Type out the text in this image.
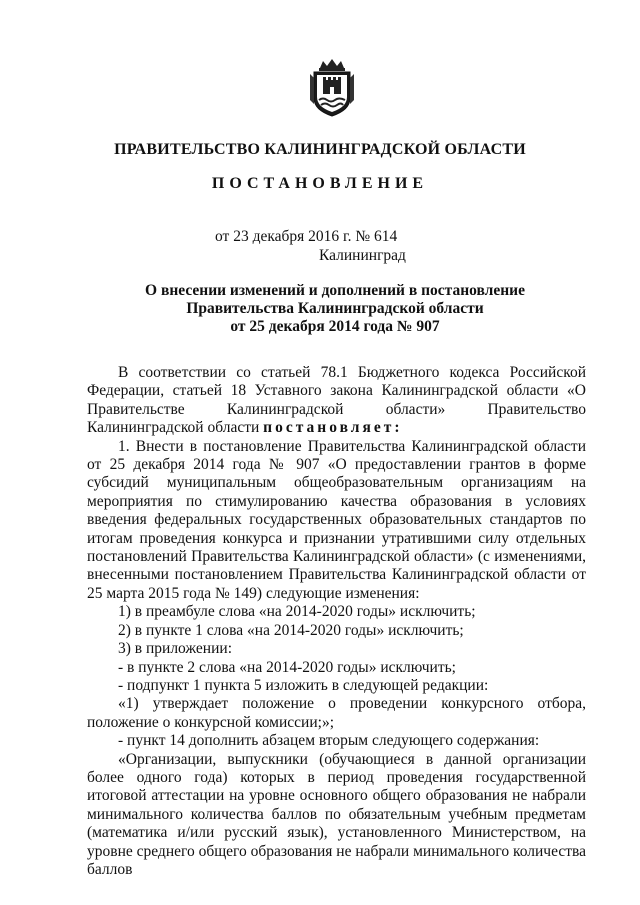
ПРАВИТЕЛЬСТВО КАЛИНИНГРАДСКОЙ ОБЛАСТИ
ПОСТАНОВЛЕНИЕ
от 23 декабря 2016 г. № 614
Калининград
О внесении изменений и дополнений в постановление
Правительства Калининградской области
от 25 декабря 2014 года № 907

В соответствии со статьей 78.1 Бюджетного кодекса Российской Федерации, статьей 18 Уставного закона Калининградской области «О Правительстве Калининградской области» Правительство Калининградской области постановляет:

1. Внести в постановление Правительства Калининградской области от 25 декабря 2014 года № 907 «О предоставлении грантов в форме субсидий муниципальным общеобразовательным организациям на мероприятия по стимулированию качества образования в условиях введения федеральных государственных образовательных стандартов по итогам проведения конкурса и признании утратившими силу отдельных постановлений Правительства Калининградской области» (с изменениями, внесенными постановлением Правительства Калининградской области от 25 марта 2015 года № 149) следующие изменения:

1) в преамбуле слова «на 2014-2020 годы» исключить;

2) в пункте 1 слова «на 2014-2020 годы» исключить;

3) в приложении:

- в пункте 2 слова «на 2014-2020 годы» исключить;

- подпункт 1 пункта 5 изложить в следующей редакции:

«1) утверждает положение о проведении конкурсного отбора, положение о конкурсной комиссии;»;

- пункт 14 дополнить абзацем вторым следующего содержания:

«Организации, выпускники (обучающиеся в данной организации более одного года) которых в период проведения государственной итоговой аттестации на уровне основного общего образования не набрали минимального количества баллов по обязательным учебным предметам (математика и/или русский язык), установленного Министерством, на уровне среднего общего образования не набрали минимального количества баллов
